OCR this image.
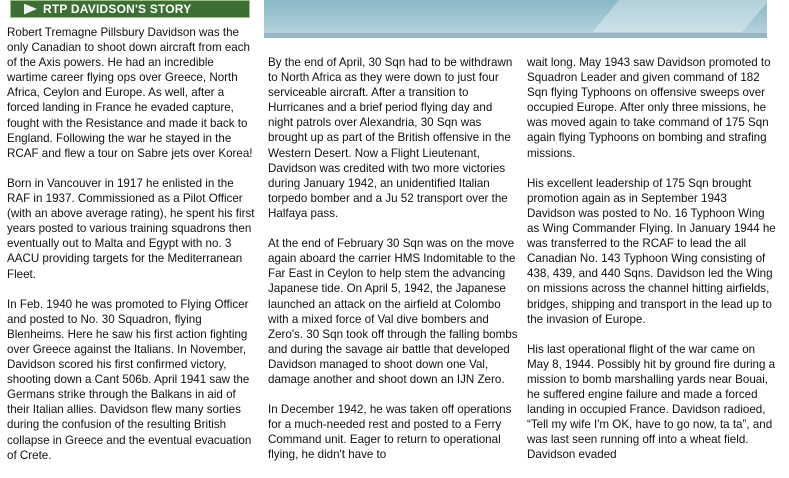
RTP DAVIDSON'S STORY

Robert Tremagne Pillsbury Davidson was the only Canadian to shoot down aircraft from each of the Axis powers. He had an incredible wartime career flying ops over Greece, North Africa, Ceylon and Europe. As well, after a forced landing in France he evaded capture, fought with the Resistance and made it back to England. Following the war he stayed in the RCAF and flew a tour on Sabre jets over Korea!

Born in Vancouver in 1917 he enlisted in the RAF in 1937. Commissioned as a Pilot Officer (with an above average rating), he spent his first years posted to various training squadrons then eventually out to Malta and Egypt with no. 3 AACU providing targets for the Mediterranean Fleet.

In Feb. 1940 he was promoted to Flying Officer and posted to No. 30 Squadron, flying Blenheims. Here he saw his first action fighting over Greece against the Italians. In November, Davidson scored his first confirmed victory, shooting down a Cant 506b. April 1941 saw the Germans strike through the Balkans in aid of their Italian allies. Davidson flew many sorties during the confusion of the resulting British collapse in Greece and the eventual evacuation of Crete.

By the end of April, 30 Sqn had to be withdrawn to North Africa as they were down to just four serviceable aircraft. After a transition to Hurricanes and a brief period flying day and night patrols over Alexandria, 30 Sqn was brought up as part of the British offensive in the Western Desert. Now a Flight Lieutenant, Davidson was credited with two more victories during January 1942, an unidentified Italian torpedo bomber and a Ju 52 transport over the Halfaya pass.

At the end of February 30 Sqn was on the move again aboard the carrier HMS Indomitable to the Far East in Ceylon to help stem the advancing Japanese tide. On April 5, 1942, the Japanese launched an attack on the airfield at Colombo with a mixed force of Val dive bombers and Zero's. 30 Sqn took off through the falling bombs and during the savage air battle that developed Davidson managed to shoot down one Val, damage another and shoot down an IJN Zero.

In December 1942, he was taken off operations for a much-needed rest and posted to a Ferry Command unit. Eager to return to operational flying, he didn't have to

wait long. May 1943 saw Davidson promoted to Squadron Leader and given command of 182 Sqn flying Typhoons on offensive sweeps over occupied Europe. After only three missions, he was moved again to take command of 175 Sqn again flying Typhoons on bombing and strafing missions.

His excellent leadership of 175 Sqn brought promotion again as in September 1943 Davidson was posted to No. 16 Typhoon Wing as Wing Commander Flying. In January 1944 he was transferred to the RCAF to lead the all Canadian No. 143 Typhoon Wing consisting of 438, 439, and 440 Sqns. Davidson led the Wing on missions across the channel hitting airfields, bridges, shipping and transport in the lead up to the invasion of Europe.

His last operational flight of the war came on May 8, 1944. Possibly hit by ground fire during a mission to bomb marshalling yards near Bouai, he suffered engine failure and made a forced landing in occupied France. Davidson radioed, “Tell my wife I'm OK, have to go now, ta ta”, and was last seen running off into a wheat field. Davidson evaded
